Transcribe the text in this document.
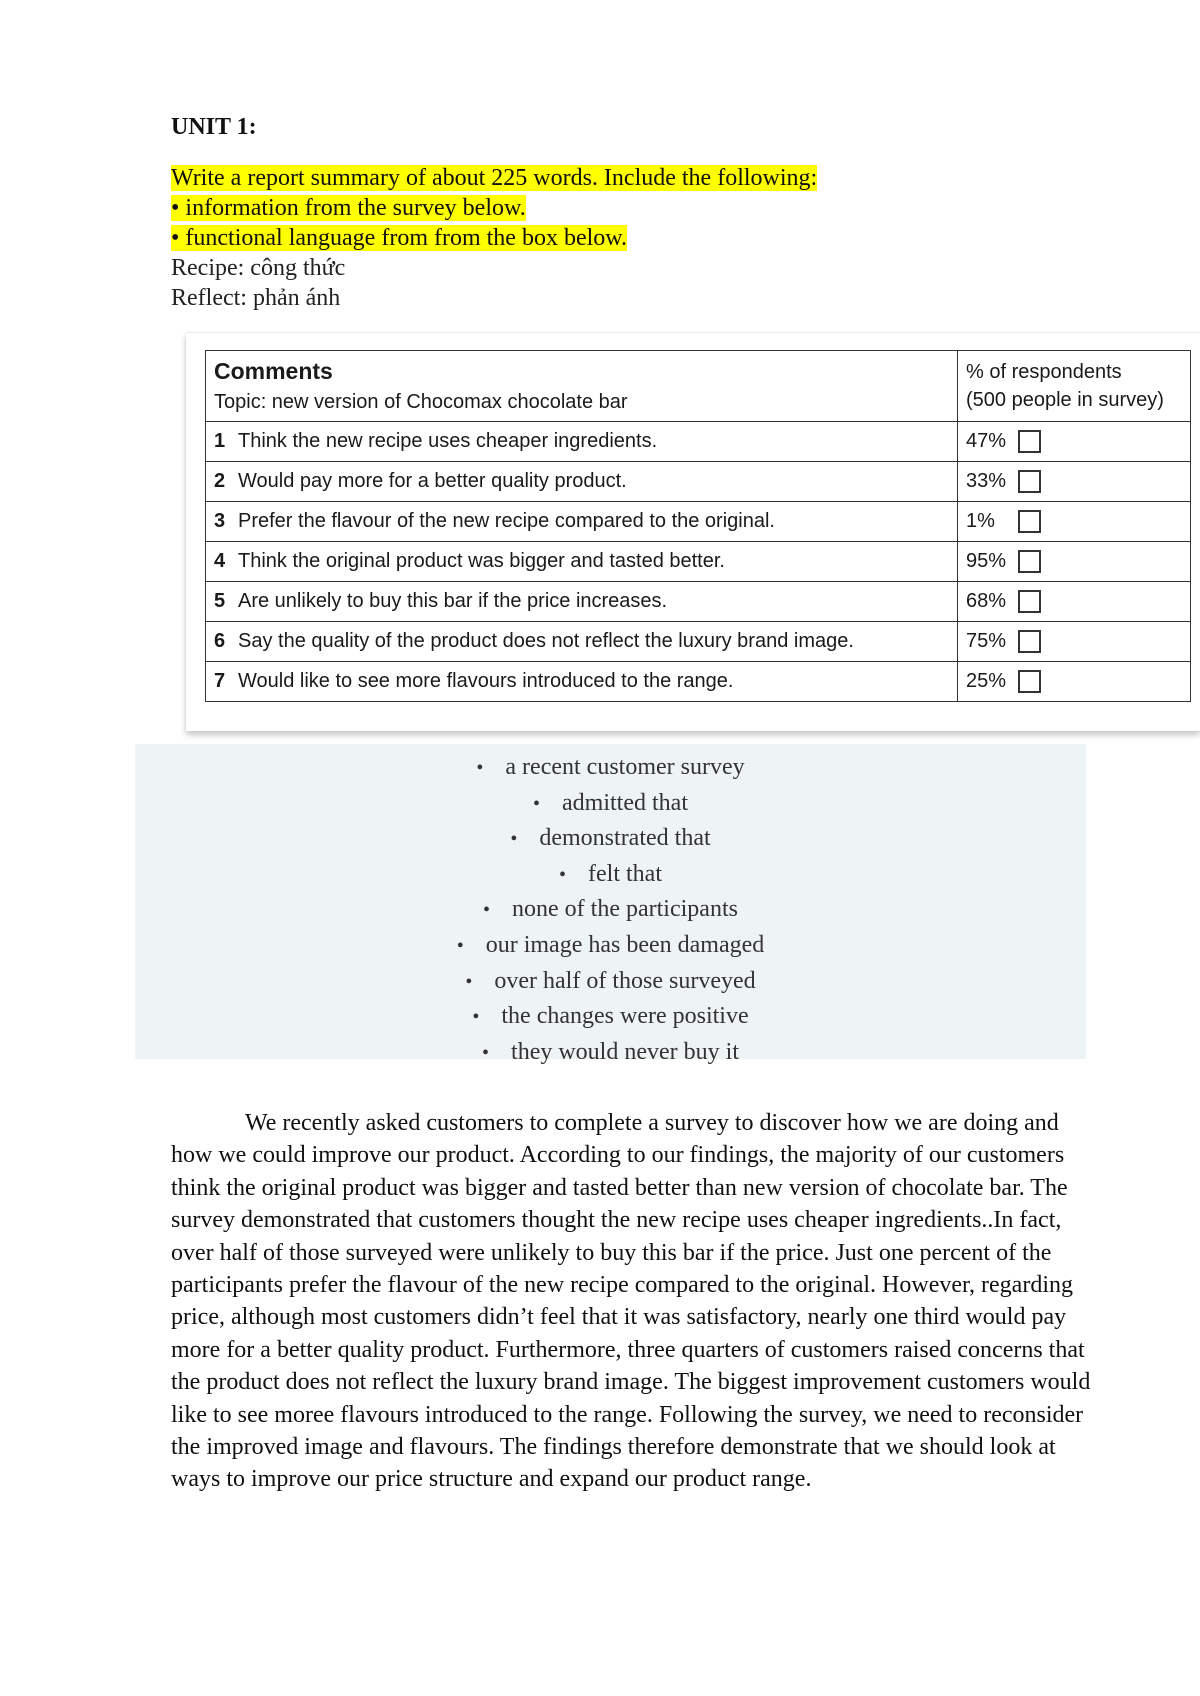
UNIT 1:
Write a report summary of about 225 words. Include the following:
• information from the survey below.
• functional language from from the box below.
Recipe: công thức
Reflect: phản ánh
Comments
Topic: new version of Chocomax chocolate bar	% of respondents
(500 people in survey)

1 Think the new recipe uses cheaper ingredients.	47%
2 Would pay more for a better quality product.	33%
3 Prefer the flavour of the new recipe compared to the original.	1%
4 Think the original product was bigger and tasted better.	95%
5 Are unlikely to buy this bar if the price increases.	68%
6 Say the quality of the product does not reflect the luxury brand image.	75%
7 Would like to see more flavours introduced to the range.	25%
• a recent customer survey
• admitted that
• demonstrated that
• felt that
• none of the participants
• our image has been damaged
• over half of those surveyed
• the changes were positive
• they would never buy it

We recently asked customers to complete a survey to discover how we are doing and how we could improve our product. According to our findings, the majority of our customers think the original product was bigger and tasted better than new version of chocolate bar. The survey demonstrated that customers thought the new recipe uses cheaper ingredients..In fact, over half of those surveyed were unlikely to buy this bar if the price. Just one percent of the participants prefer the flavour of the new recipe compared to the original. However, regarding price, although most customers didn’t feel that it was satisfactory, nearly one third would pay more for a better quality product. Furthermore, three quarters of customers raised concerns that the product does not reflect the luxury brand image. The biggest improvement customers would like to see moree flavours introduced to the range. Following the survey, we need to reconsider the improved image and flavours. The findings therefore demonstrate that we should look at ways to improve our price structure and expand our product range.
